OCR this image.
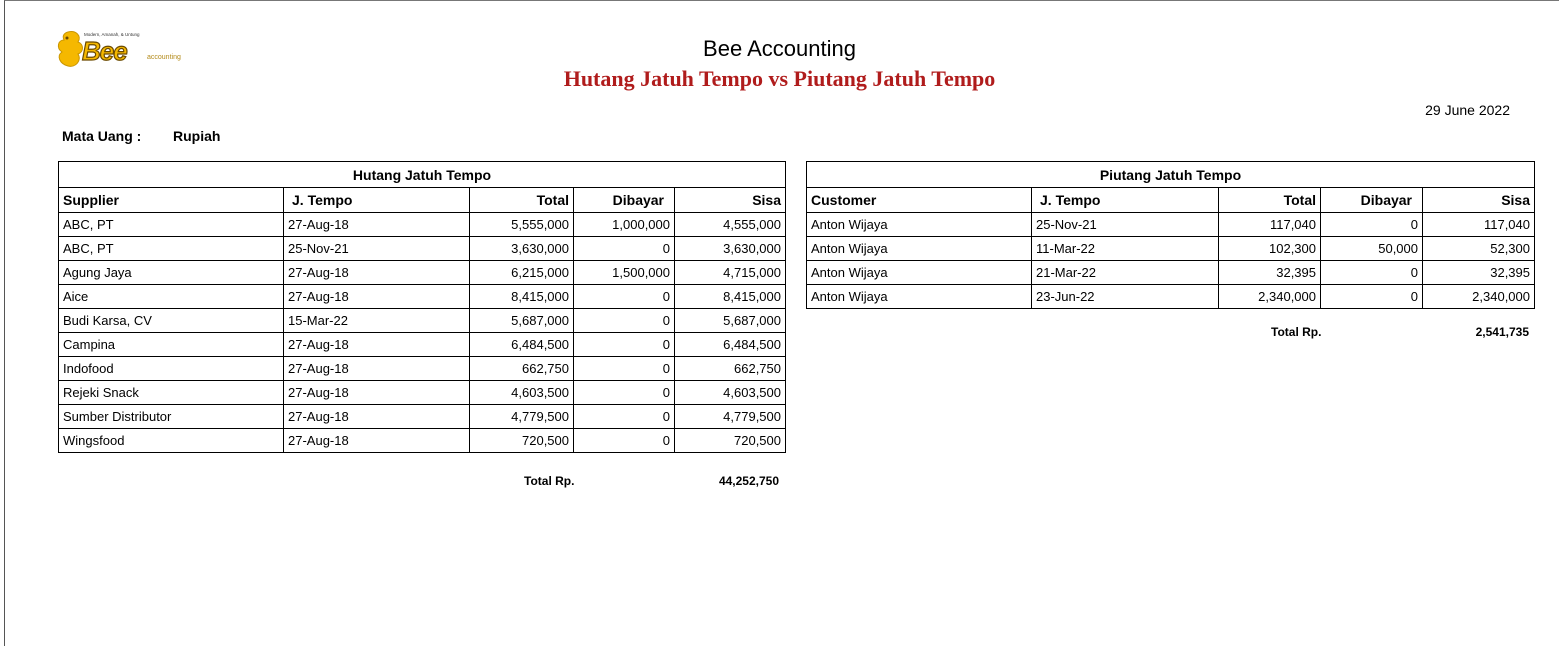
Modern, Amanah, & Untung
Bee	accounting	Bee Accounting
Hutang Jatuh Tempo vs Piutang Jatuh Tempo
29 June 2022
Mata Uang : Rupiah
Hutang Jatuh Tempo				
Supplier	J. Tempo	Total	Dibayar	Sisa
ABC, PT	27-Aug-18	5,555,000	1,000,000	4,555,000
ABC, PT	25-Nov-21	3,630,000	0	3,630,000
Agung Jaya	27-Aug-18	6,215,000	1,500,000	4,715,000
Aice	27-Aug-18	8,415,000	0	8,415,000
Budi Karsa, CV	15-Mar-22	5,687,000	0	5,687,000
Campina	27-Aug-18	6,484,500	0	6,484,500
Indofood	27-Aug-18	662,750	0	662,750
Rejeki Snack	27-Aug-18	4,603,500	0	4,603,500
Sumber Distributor	27-Aug-18	4,779,500	0	4,779,500
Wingsfood	27-Aug-18	720,500	0	720,500
Total Rp.	44,252,750
Piutang Jatuh Tempo				
Customer	J. Tempo	Total	Dibayar	Sisa
Anton Wijaya	25-Nov-21	117,040	0	117,040
Anton Wijaya	11-Mar-22	102,300	50,000	52,300
Anton Wijaya	21-Mar-22	32,395	0	32,395
Anton Wijaya	23-Jun-22	2,340,000	0	2,340,000
Total Rp.	2,541,735
